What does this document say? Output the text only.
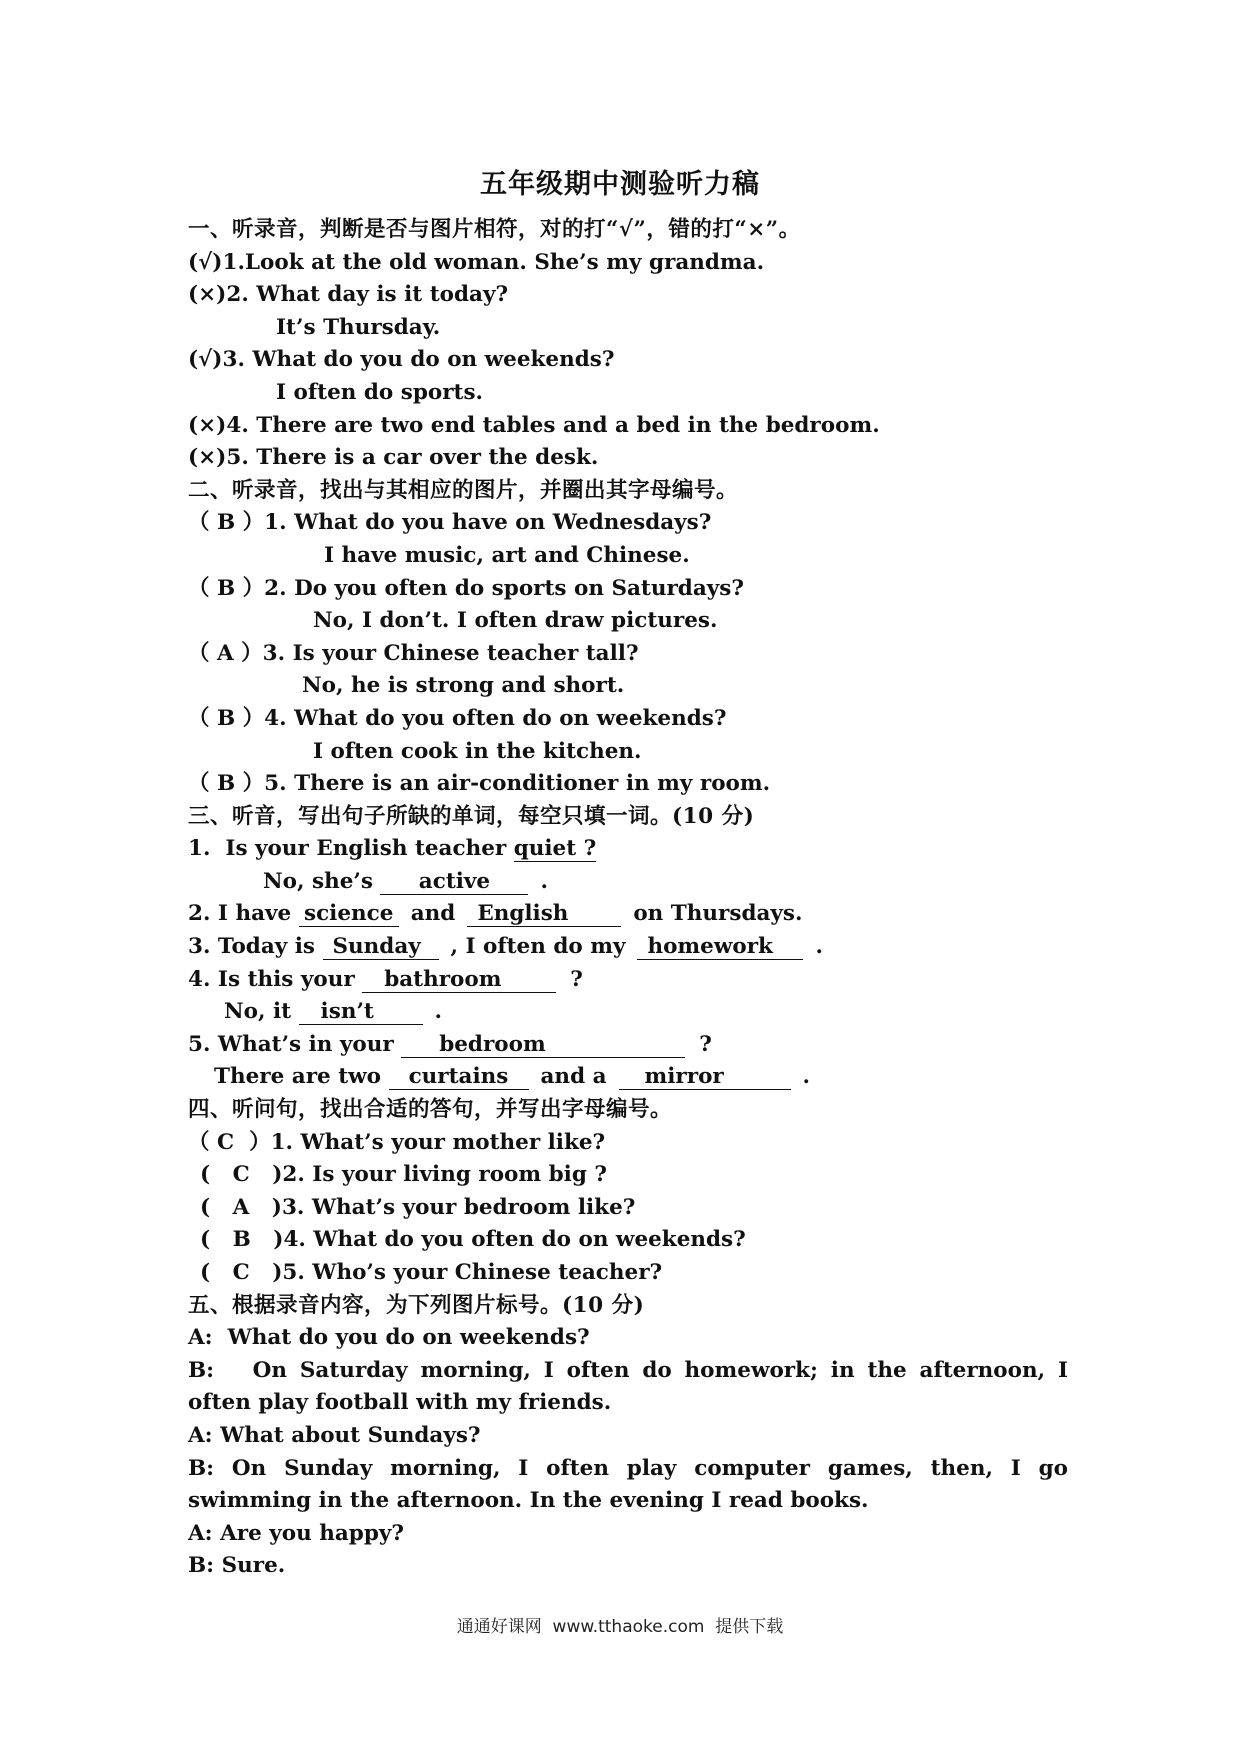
五年级期中测验听力稿

一、听录音，判断是否与图片相符，对的打“√”，错的打“×”。

(√)1.Look at the old woman. She’s my grandma.

(×)2. What day is it today?

It’s Thursday.

(√)3. What do you do on weekends?

I often do sports.

(×)4. There are two end tables and a bed in the bedroom.

(×)5. There is a car over the desk.

二、听录音，找出与其相应的图片，并圈出其字母编号。

（ B ）1. What do you have on Wednesdays?

I have music, art and Chinese.

（ B ）2. Do you often do sports on Saturdays?

No, I don’t. I often draw pictures.

（ A ）3. Is your Chinese teacher tall?

No, he is strong and short.

（ B ）4. What do you often do on weekends?

I often cook in the kitchen.

（ B ）5. There is an air-conditioner in my room.

三、听音，写出句子所缺的单词，每空只填一词。(10 分)

1.  Is your English teacher quiet ?

No, she’s active .

2. I have science and English	on Thursdays.

3. Today is Sunday , I often do my homework .

4. Is this your bathroom	?

No, it isn’t	.

5. What’s in your bedroom	?

There are two curtains and a mirror	.

四、听问句，找出合适的答句，并写出字母编号。

（ C  ）1. What’s your mother like?

(   C   )2. Is your living room big ?

(   A   )3. What’s your bedroom like?

(   B   )4. What do you often do on weekends?

(   C   )5. Who’s your Chinese teacher?

五、根据录音内容，为下列图片标号。(10 分)

A:  What do you do on weekends?

B:   On Saturday morning, I often do homework; in the afternoon, I often play football with my friends.

A: What about Sundays?

B: On Sunday morning, I often play computer games, then, I go swimming in the afternoon. In the evening I read books.

A: Are you happy?

B: Sure.

通通好课网  www.tthaoke.com  提供下载
